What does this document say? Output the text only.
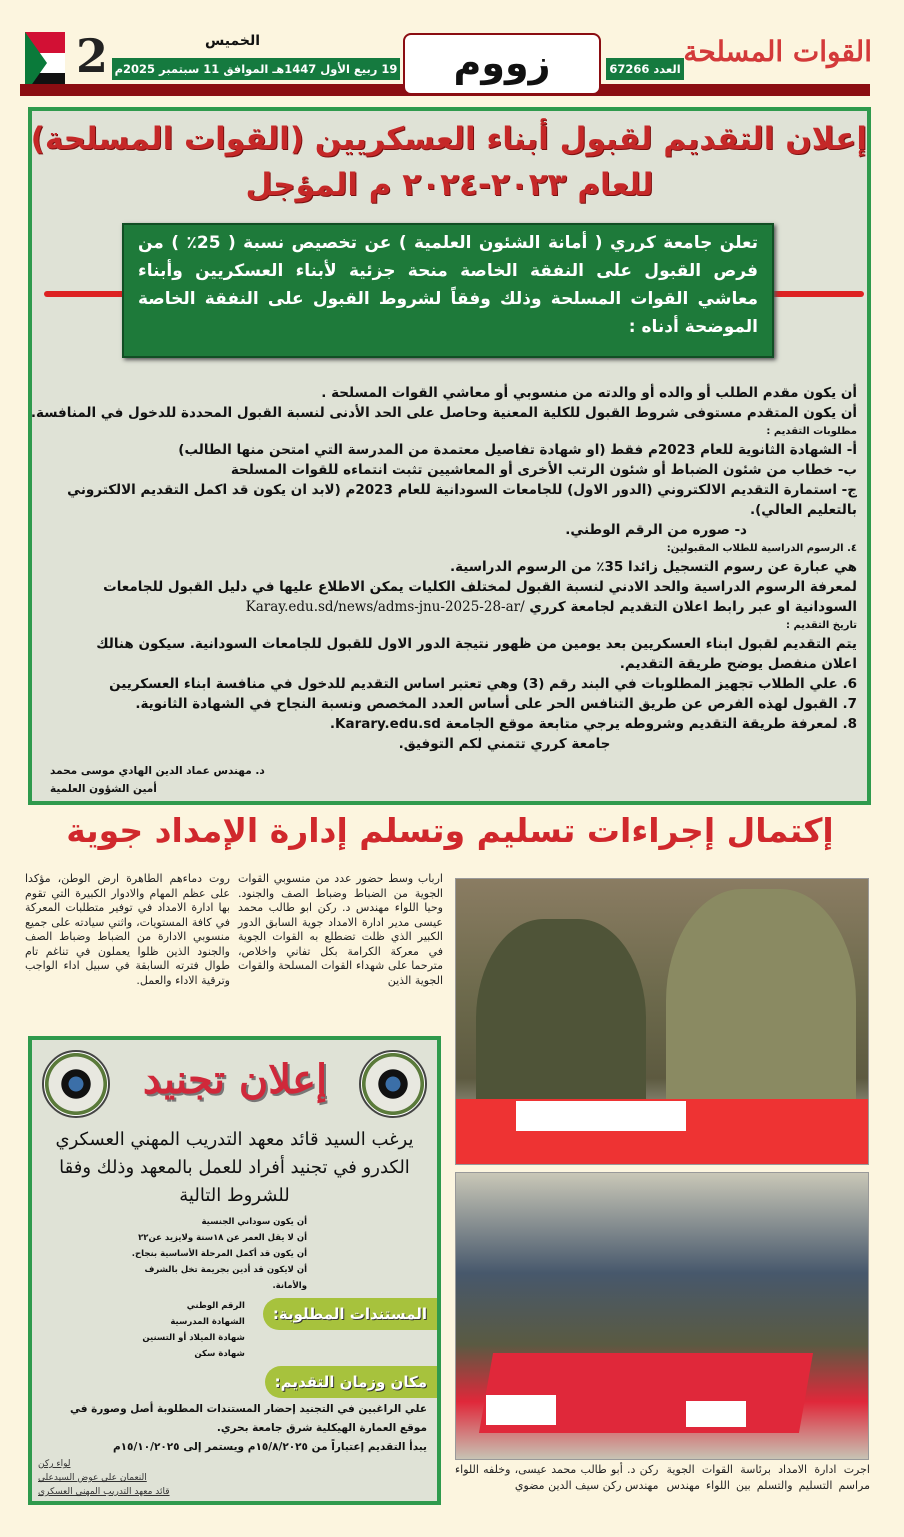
2	الخميس
19 ربيع الأول 1447هـ الموافق 11 سبتمبر 2025م	زووم	العدد 67266
القوات المسلحة
إعلان التقديم لقبول أبناء العسكريين (القوات المسلحة)
للعام ٢٠٢٣-٢٠٢٤ م المؤجل
تعلن جامعة كرري ( أمانة الشئون العلمية ) عن تخصيص نسبة ( 25٪ ) من فرص القبول على النفقة الخاصة منحة جزئية لأبناء العسكريين وأبناء معاشي القوات المسلحة وذلك وفقاً لشروط القبول على النفقة الخاصة الموضحة أدناه :
أن يكون مقدم الطلب أو والده أو والدته من منسوبي أو معاشي القوات المسلحة .
أن يكون المتقدم مستوفى شروط القبول للكلية المعنية وحاصل على الحد الأدنى لنسبة القبول المحددة للدخول في المنافسة.
مطلوبات التقديم :
أ- الشهادة الثانوية للعام 2023م فقط (او شهادة تفاصيل معتمدة من المدرسة التي امتحن منها الطالب)
ب- خطاب من شئون الضباط أو شئون الرتب الأخرى أو المعاشيين تثبت انتماءه للقوات المسلحة
ج- استمارة التقديم الالكتروني (الدور الاول) للجامعات السودانية للعام 2023م (لابد ان يكون قد اكمل التقديم الالكتروني
بالتعليم العالي).
د- صوره من الرقم الوطني.
٤. الرسوم الدراسية للطلاب المقبولين:
هي عبارة عن رسوم التسجيل زائدا 35٪ من الرسوم الدراسية.
لمعرفة الرسوم الدراسية والحد الادني لنسبة القبول لمختلف الكليات يمكن الاطلاع عليها في دليل القبول للجامعات
السودانية او عبر رابط اعلان التقديم لجامعة كرري Karay.edu.sd/news/adms-jnu-2025-28-ar/
تاريخ التقديم :
يتم التقديم لقبول ابناء العسكريين بعد يومين من ظهور نتيجة الدور الاول للقبول للجامعات السودانية. سيكون هنالك
اعلان منفصل يوضح طريقة التقديم.
6. علي الطلاب تجهيز المطلوبات في البند رقم (3) وهي تعتبر اساس التقديم للدخول في منافسة ابناء العسكريين
7. القبول لهذه الفرص عن طريق التنافس الحر على أساس العدد المخصص ونسبة النجاح في الشهادة الثانوية.
8. لمعرفة طريقة التقديم وشروطه يرجي متابعة موقع الجامعة Karary.edu.sd.
جامعة كرري تتمني لكم التوفيق.
د. مهندس عماد الدين الهادي موسى محمد
أمين الشؤون العلمية
إكتمال إجراءات تسليم وتسلم إدارة الإمداد جوية
ارباب وسط حضور عدد من منسوبي القوات الجوية من الضباط وضباط الصف والجنود. وحيا اللواء مهندس د. ركن ابو طالب محمد عيسى مدير ادارة الامداد جوية السابق الدور الكبير الذي ظلت تضطلع به القوات الجوية في معركة الكرامة بكل تفاني واخلاص، مترحما على شهداء القوات المسلحة والقوات الجوية الذين
روت دماءهم الطاهرة ارض الوطن، مؤكدا على عظم المهام والادوار الكبيرة التي تقوم بها ادارة الامداد في توفير متطلبات المعركة في كافة المستويات، واثني سيادته على جميع منسوبي الادارة من الضباط وضباط الصف والجنود الذين ظلوا يعملون في تناغم تام طوال فترته السابقة في سبيل اداء الواجب وترقية الاداء والعمل.
اجرت ادارة الامداد برئاسة القوات الجوية مراسم التسليم والتسلم بين اللواء مهندس ركن د. أبو طالب محمد عيسى، وخلفه اللواء مهندس ركن سيف الدين مضوي
إعلان تجنيد
يرغب السيد قائد معهد التدريب المهني العسكري الكدرو في تجنيد أفراد للعمل بالمعهد وذلك وفقا للشروط التالية
أن يكون سوداني الجنسية
أن لا يقل العمر عن ١٨سنة ولايزيد عن٢٢
أن يكون قد أكمل المرحلة الأساسية بنجاح.
أن لايكون قد أدين بجريمة تخل بالشرف
والأمانة.
المستندات المطلوبة:
الرقم الوطني
الشهادة المدرسية
شهادة الميلاد أو التسنين
شهادة سكن
مكان وزمان التقديم:
علي الراغبين في التجنيد إحضار المستندات المطلوبة أصل وصورة في
موقع العمارة الهيكلية شرق جامعة بحري.
يبدأ التقديم إعتباراً من ١٥/٨/٢٠٢٥م ويستمر إلى ١٥/١٠/٢٠٢٥م
لواء ركن
النعمان علي عوض السيدعلي
قائد معهد التدريب المهني العسكري
